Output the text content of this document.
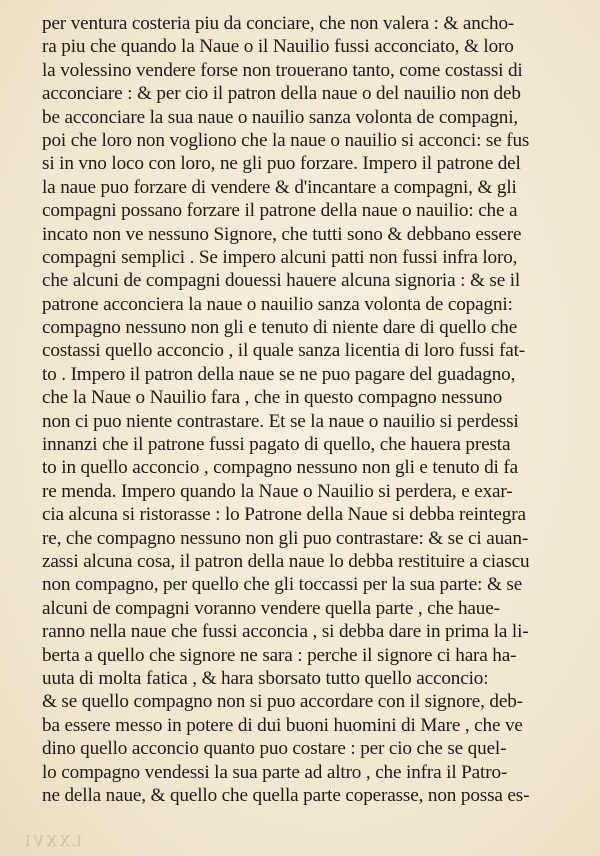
LXXVI
per ventura costeria piu da conciare, che non valera : & ancho-
ra piu che quando la Naue o il Nauilio fussi acconciato, & loro
la volessino vendere forse non trouerano tanto, come costassi di
acconciare : & per cio il patron della naue o del nauilio non deb
be acconciare la sua naue o nauilio sanza volonta de compagni,
poi che loro non vogliono che la naue o nauilio si acconci: se fus
si in vno loco con loro, ne gli puo forzare. Impero il patrone del
la naue puo forzare di vendere & d'incantare a compagni, & gli
compagni possano forzare il patrone della naue o nauilio: che a
incato non ve nessuno Signore, che tutti sono & debbano essere
compagni semplici . Se impero alcuni patti non fussi infra loro,
che alcuni de compagni douessi hauere alcuna signoria : & se il
patrone acconciera la naue o nauilio sanza volonta de copagni:
compagno nessuno non gli e tenuto di niente dare di quello che
costassi quello acconcio , il quale sanza licentia di loro fussi fat-
to . Impero il patron della naue se ne puo pagare del guadagno,
che la Naue o Nauilio fara , che in questo compagno nessuno
non ci puo niente contrastare. Et se la naue o nauilio si perdessi
innanzi che il patrone fussi pagato di quello, che hauera presta
to in quello acconcio , compagno nessuno non gli e tenuto di fa
re menda. Impero quando la Naue o Nauilio si perdera, e exar-
cia alcuna si ristorasse : lo Patrone della Naue si debba reintegra
re, che compagno nessuno non gli puo contrastare: & se ci auan-
zassi alcuna cosa, il patron della naue lo debba restituire a ciascu
non compagno, per quello che gli toccassi per la sua parte: & se
alcuni de compagni voranno vendere quella parte , che haue-
ranno nella naue che fussi acconcia , si debba dare in prima la li-
berta a quello che signore ne sara : perche il signore ci hara ha-
uuta di molta fatica , & hara sborsato tutto quello acconcio:
& se quello compagno non si puo accordare con il signore, deb-
ba essere messo in potere di dui buoni huomini di Mare , che ve
dino quello acconcio quanto puo costare : per cio che se quel-
lo compagno vendessi la sua parte ad altro , che infra il Patro-
ne della naue, & quello che quella parte coperasse, non possa es-
